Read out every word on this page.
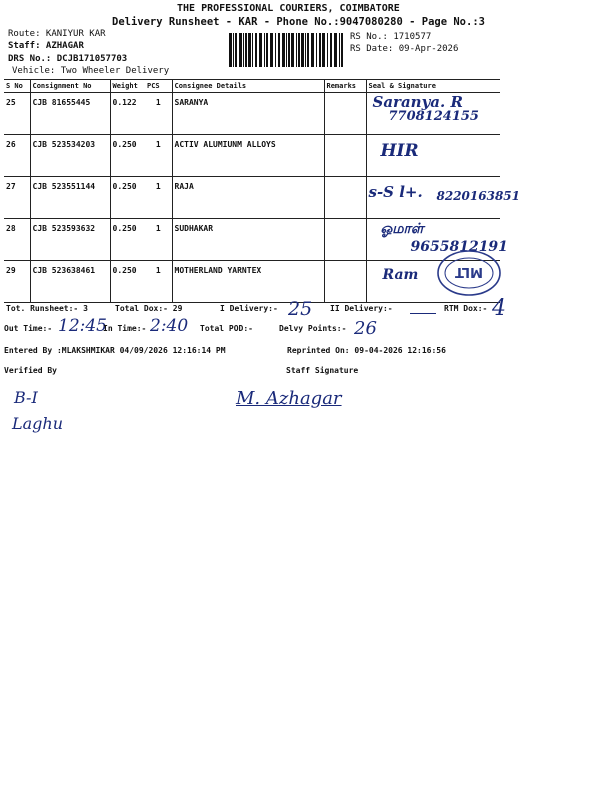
THE PROFESSIONAL COURIERS, COIMBATORE
Delivery Runsheet - KAR - Phone No.:9047080280 - Page No.:3
Route: KANIYUR KAR
Staff: AZHAGAR
DRS No.: DCJB171057703
Vehicle: Two Wheeler Delivery
RS No.: 1710577
RS Date: 09-Apr-2026
S No	Consignment No	Weight	PCS	Consignee Details	Remarks	Seal & Signature
25	CJB 81655445	0.122	1	SARANYA		Saranya. R
7708124155

26	CJB 523534203	0.250	1	ACTIV ALUMIUNM ALLOYS		HIR

27	CJB 523551144	0.250	1	RAJA		s-S l+. 8220163851

28	CJB 523593632	0.250	1	SUDHAKAR		ஓமாள்
9655812191

29	CJB 523638461	0.250	1	MOTHERLAND YARNTEX		Ram	MLT
Tot. Runsheet:- 3	Total Dox:- 29	I Delivery:- 25 II Delivery:-	RTM Dox:- 4
Out Time:- 12:45
In Time:- 2:40 Total POD:-	Delvy Points:- 26
Entered By :MLAKSHMIKAR 04/09/2026 12:16:14 PM	Reprinted On: 09-04-2026 12:16:56
Verified By	Staff Signature
B-I
Laghu
M. Azhagar
